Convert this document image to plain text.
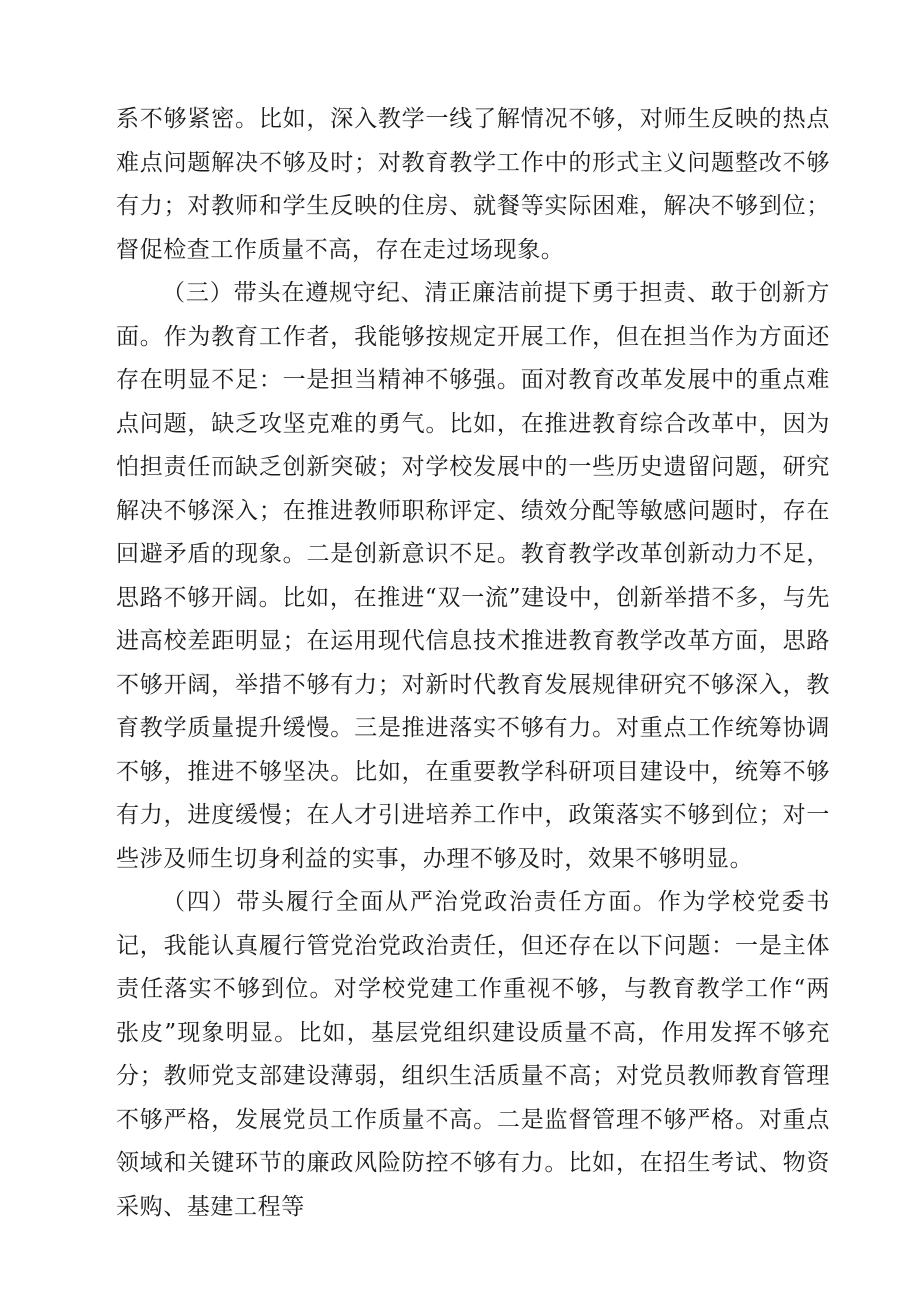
系不够紧密。比如，深入教学一线了解情况不够，对师生反映的热点难点问题解决不够及时；对教育教学工作中的形式主义问题整改不够有力；对教师和学生反映的住房、就餐等实际困难，解决不够到位；督促检查工作质量不高，存在走过场现象。

（三）带头在遵规守纪、清正廉洁前提下勇于担责、敢于创新方面。作为教育工作者，我能够按规定开展工作，但在担当作为方面还存在明显不足：一是担当精神不够强。面对教育改革发展中的重点难点问题，缺乏攻坚克难的勇气。比如，在推进教育综合改革中，因为怕担责任而缺乏创新突破；对学校发展中的一些历史遗留问题，研究解决不够深入；在推进教师职称评定、绩效分配等敏感问题时，存在回避矛盾的现象。二是创新意识不足。教育教学改革创新动力不足，思路不够开阔。比如，在推进“双一流”建设中，创新举措不多，与先进高校差距明显；在运用现代信息技术推进教育教学改革方面，思路不够开阔，举措不够有力；对新时代教育发展规律研究不够深入，教育教学质量提升缓慢。三是推进落实不够有力。对重点工作统筹协调不够，推进不够坚决。比如，在重要教学科研项目建设中，统筹不够有力，进度缓慢；在人才引进培养工作中，政策落实不够到位；对一些涉及师生切身利益的实事，办理不够及时，效果不够明显。

（四）带头履行全面从严治党政治责任方面。作为学校党委书记，我能认真履行管党治党政治责任，但还存在以下问题：一是主体责任落实不够到位。对学校党建工作重视不够，与教育教学工作“两张皮”现象明显。比如，基层党组织建设质量不高，作用发挥不够充分；教师党支部建设薄弱，组织生活质量不高；对党员教师教育管理不够严格，发展党员工作质量不高。二是监督管理不够严格。对重点领域和关键环节的廉政风险防控不够有力。比如，在招生考试、物资采购、基建工程等
